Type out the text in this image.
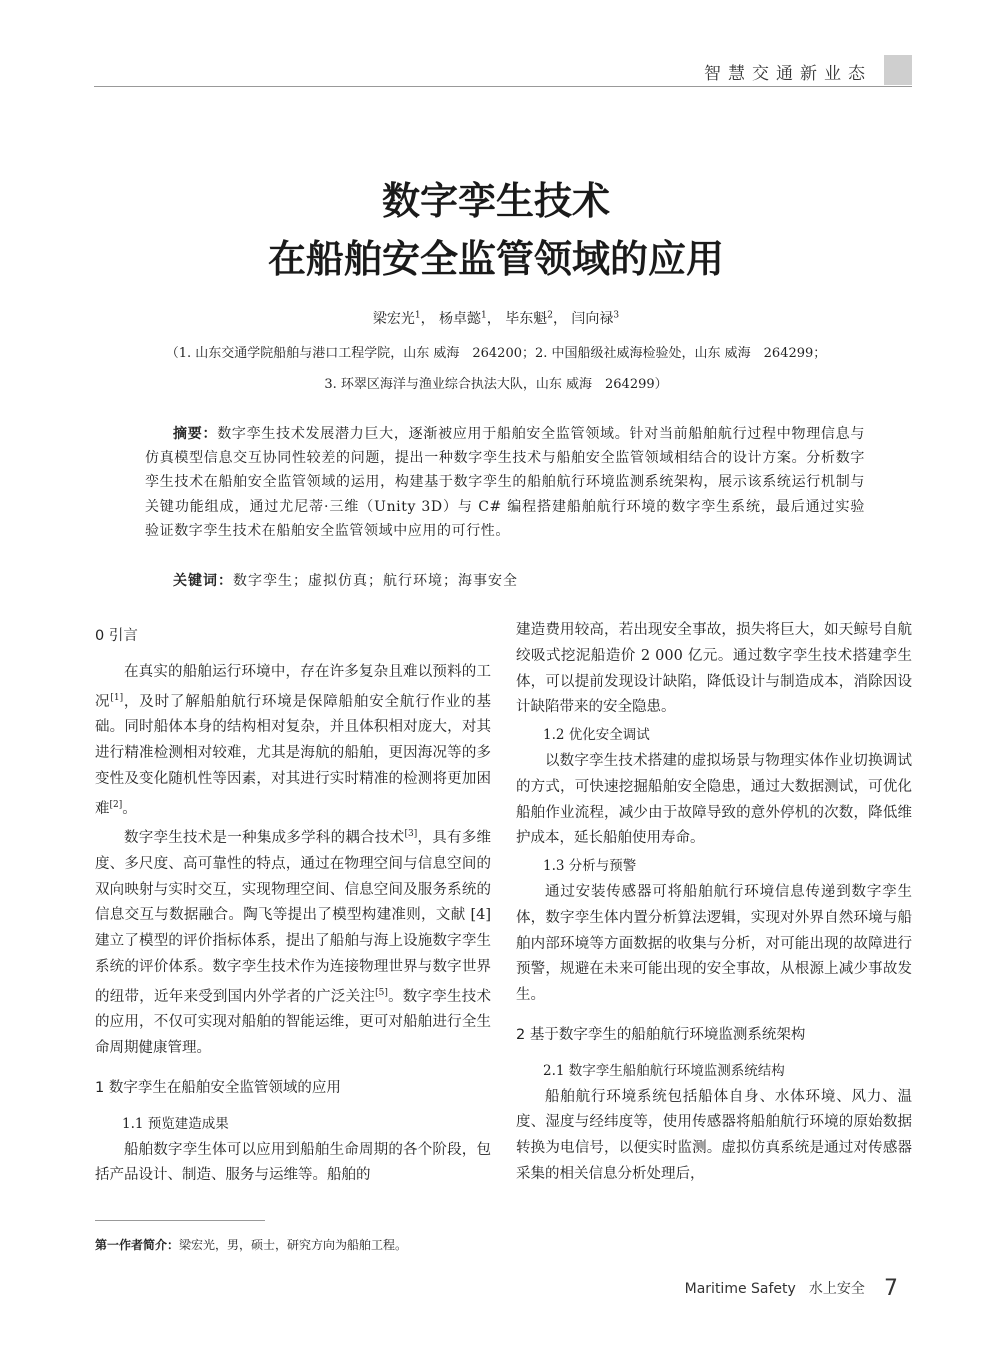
智慧交通新业态
数字孪生技术
在船舶安全监管领域的应用
梁宏光$^1$， 杨卓懿$^1$， 毕东魁$^2$， 闫向禄$^3$
（1. 山东交通学院船舶与港口工程学院，山东 威海　264200；2. 中国船级社威海检验处，山东 威海　264299；
3. 环翠区海洋与渔业综合执法大队，山东 威海　264299）
摘要：数字孪生技术发展潜力巨大，逐渐被应用于船舶安全监管领域。针对当前船舶航行过程中物理信息与仿真模型信息交互协同性较差的问题，提出一种数字孪生技术与船舶安全监管领域相结合的设计方案。分析数字孪生技术在船舶安全监管领域的运用，构建基于数字孪生的船舶航行环境监测系统架构，展示该系统运行机制与关键功能组成，通过尤尼蒂·三维（Unity 3D）与 C# 编程搭建船舶航行环境的数字孪生系统，最后通过实验验证数字孪生技术在船舶安全监管领域中应用的可行性。
关键词：数字孪生；虚拟仿真；航行环境；海事安全
0 引言

在真实的船舶运行环境中，存在许多复杂且难以预料的工况[1]，及时了解船舶航行环境是保障船舶安全航行作业的基础。同时船体本身的结构相对复杂，并且体积相对庞大，对其进行精准检测相对较难，尤其是海航的船舶，更因海况等的多变性及变化随机性等因素，对其进行实时精准的检测将更加困难[2]。

数字孪生技术是一种集成多学科的耦合技术[3]，具有多维度、多尺度、高可靠性的特点，通过在物理空间与信息空间的双向映射与实时交互，实现物理空间、信息空间及服务系统的信息交互与数据融合。陶飞等提出了模型构建准则，文献 [4] 建立了模型的评价指标体系，提出了船舶与海上设施数字孪生系统的评价体系。数字孪生技术作为连接物理世界与数字世界的纽带，近年来受到国内外学者的广泛关注[5]。数字孪生技术的应用，不仅可实现对船舶的智能运维，更可对船舶进行全生命周期健康管理。

1 数字孪生在船舶安全监管领域的应用
1.1 预览建造成果

船舶数字孪生体可以应用到船舶生命周期的各个阶段，包括产品设计、制造、服务与运维等。船舶的

建造费用较高，若出现安全事故，损失将巨大，如天鲸号自航绞吸式挖泥船造价 2 000 亿元。通过数字孪生技术搭建孪生体，可以提前发现设计缺陷，降低设计与制造成本，消除因设计缺陷带来的安全隐患。

1.2 优化安全调试

以数字孪生技术搭建的虚拟场景与物理实体作业切换调试的方式，可快速挖掘船舶安全隐患，通过大数据测试，可优化船舶作业流程，减少由于故障导致的意外停机的次数，降低维护成本，延长船舶使用寿命。

1.3 分析与预警

通过安装传感器可将船舶航行环境信息传递到数字孪生体，数字孪生体内置分析算法逻辑，实现对外界自然环境与船舶内部环境等方面数据的收集与分析，对可能出现的故障进行预警，规避在未来可能出现的安全事故，从根源上减少事故发生。

2 基于数字孪生的船舶航行环境监测系统架构
2.1 数字孪生船舶航行环境监测系统结构

船舶航行环境系统包括船体自身、水体环境、风力、温度、湿度与经纬度等，使用传感器将船舶航行环境的原始数据转换为电信号，以便实时监测。虚拟仿真系统是通过对传感器采集的相关信息分析处理后，

第一作者简介：梁宏光，男，硕士，研究方向为船舶工程。
Maritime Safety 水上安全 7
